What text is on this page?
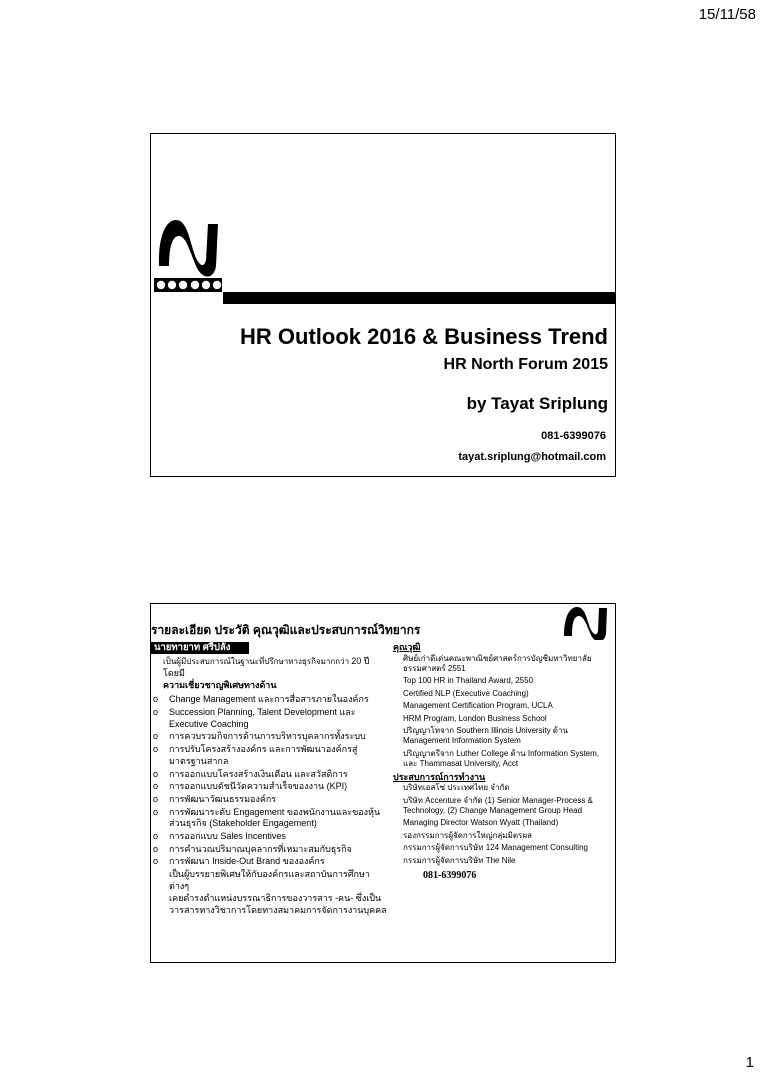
15/11/58
HR Outlook 2016 & Business Trend
HR North Forum 2015
by Tayat Sriplung
081-6399076
tayat.sriplung@hotmail.com
รายละเอียด ประวัติ คุณวุฒิและประสบการณ์วิทยากร
นายทายาท ศรีปลั่ง
เป็นผู้มีประสบการณ์ในฐานะที่ปรึกษาทางธุรกิจมากกว่า 20 ปี โดยมี
ความเชี่ยวชาญพิเศษทางด้าน
o Change Management และการสื่อสารภายในองค์กร
o Succession Planning, Talent Development และ Executive Coaching
o การควบรวมกิจการด้านการบริหารบุคลากรทั้งระบบ
o การปรับโครงสร้างองค์กร และการพัฒนาองค์กรสู่มาตรฐานสากล
o การออกแบบโครงสร้างเงินเดือน และสวัสดิการ
o การออกแบบดัชนีวัดความสำเร็จของงาน (KPI)
o การพัฒนาวัฒนธรรมองค์กร
o การพัฒนาระดับ Engagement ของพนักงานและของหุ้นส่วนธุรกิจ (Stakeholder Engagement)
o การออกแบบ Sales Incentives
o การคำนวณปริมาณบุคลากรที่เหมาะสมกับธุรกิจ
o การพัฒนา Inside-Out Brand ขององค์กร
เป็นผู้บรรยายพิเศษให้กับองค์กรและสถาบันการศึกษาต่างๆ
เคยดำรงตำแหน่งบรรณาธิการของวารสาร -คน- ซึ่งเป็นวารสารทางวิชาการโดยทางสมาคมการจัดการงานบุคคล
คุณวุฒิ
ศิษย์เก่าดีเด่นคณะพาณิชย์ศาสตร์การบัญชีมหาวิทยาลัยธรรมศาสตร์ 2551
Top 100 HR in Thailand Award, 2550
Certified NLP (Executive Coaching)
Management Certification Program, UCLA
HRM Program, London Business School
ปริญญาโทจาก Southern Illinois University ด้าน Management Information System
ปริญญาตรีจาก Luther College ด้าน Information System, และ Thammasat University, Acct
ประสบการณ์การทำงาน
บริษัทเอสโซ่ ประเทศไทย จำกัด
บริษัท Accenture จำกัด (1) Senior Manager-Process & Technology, (2) Change Management Group Head
Managing Director Watson Wyatt (Thailand)
รองกรรมการผู้จัดการใหญ่กลุ่มมิตรผล
กรรมการผู้จัดการบริษัท 124 Management Consulting
กรรมการผู้จัดการบริษัท The Nile
081-6399076
1
